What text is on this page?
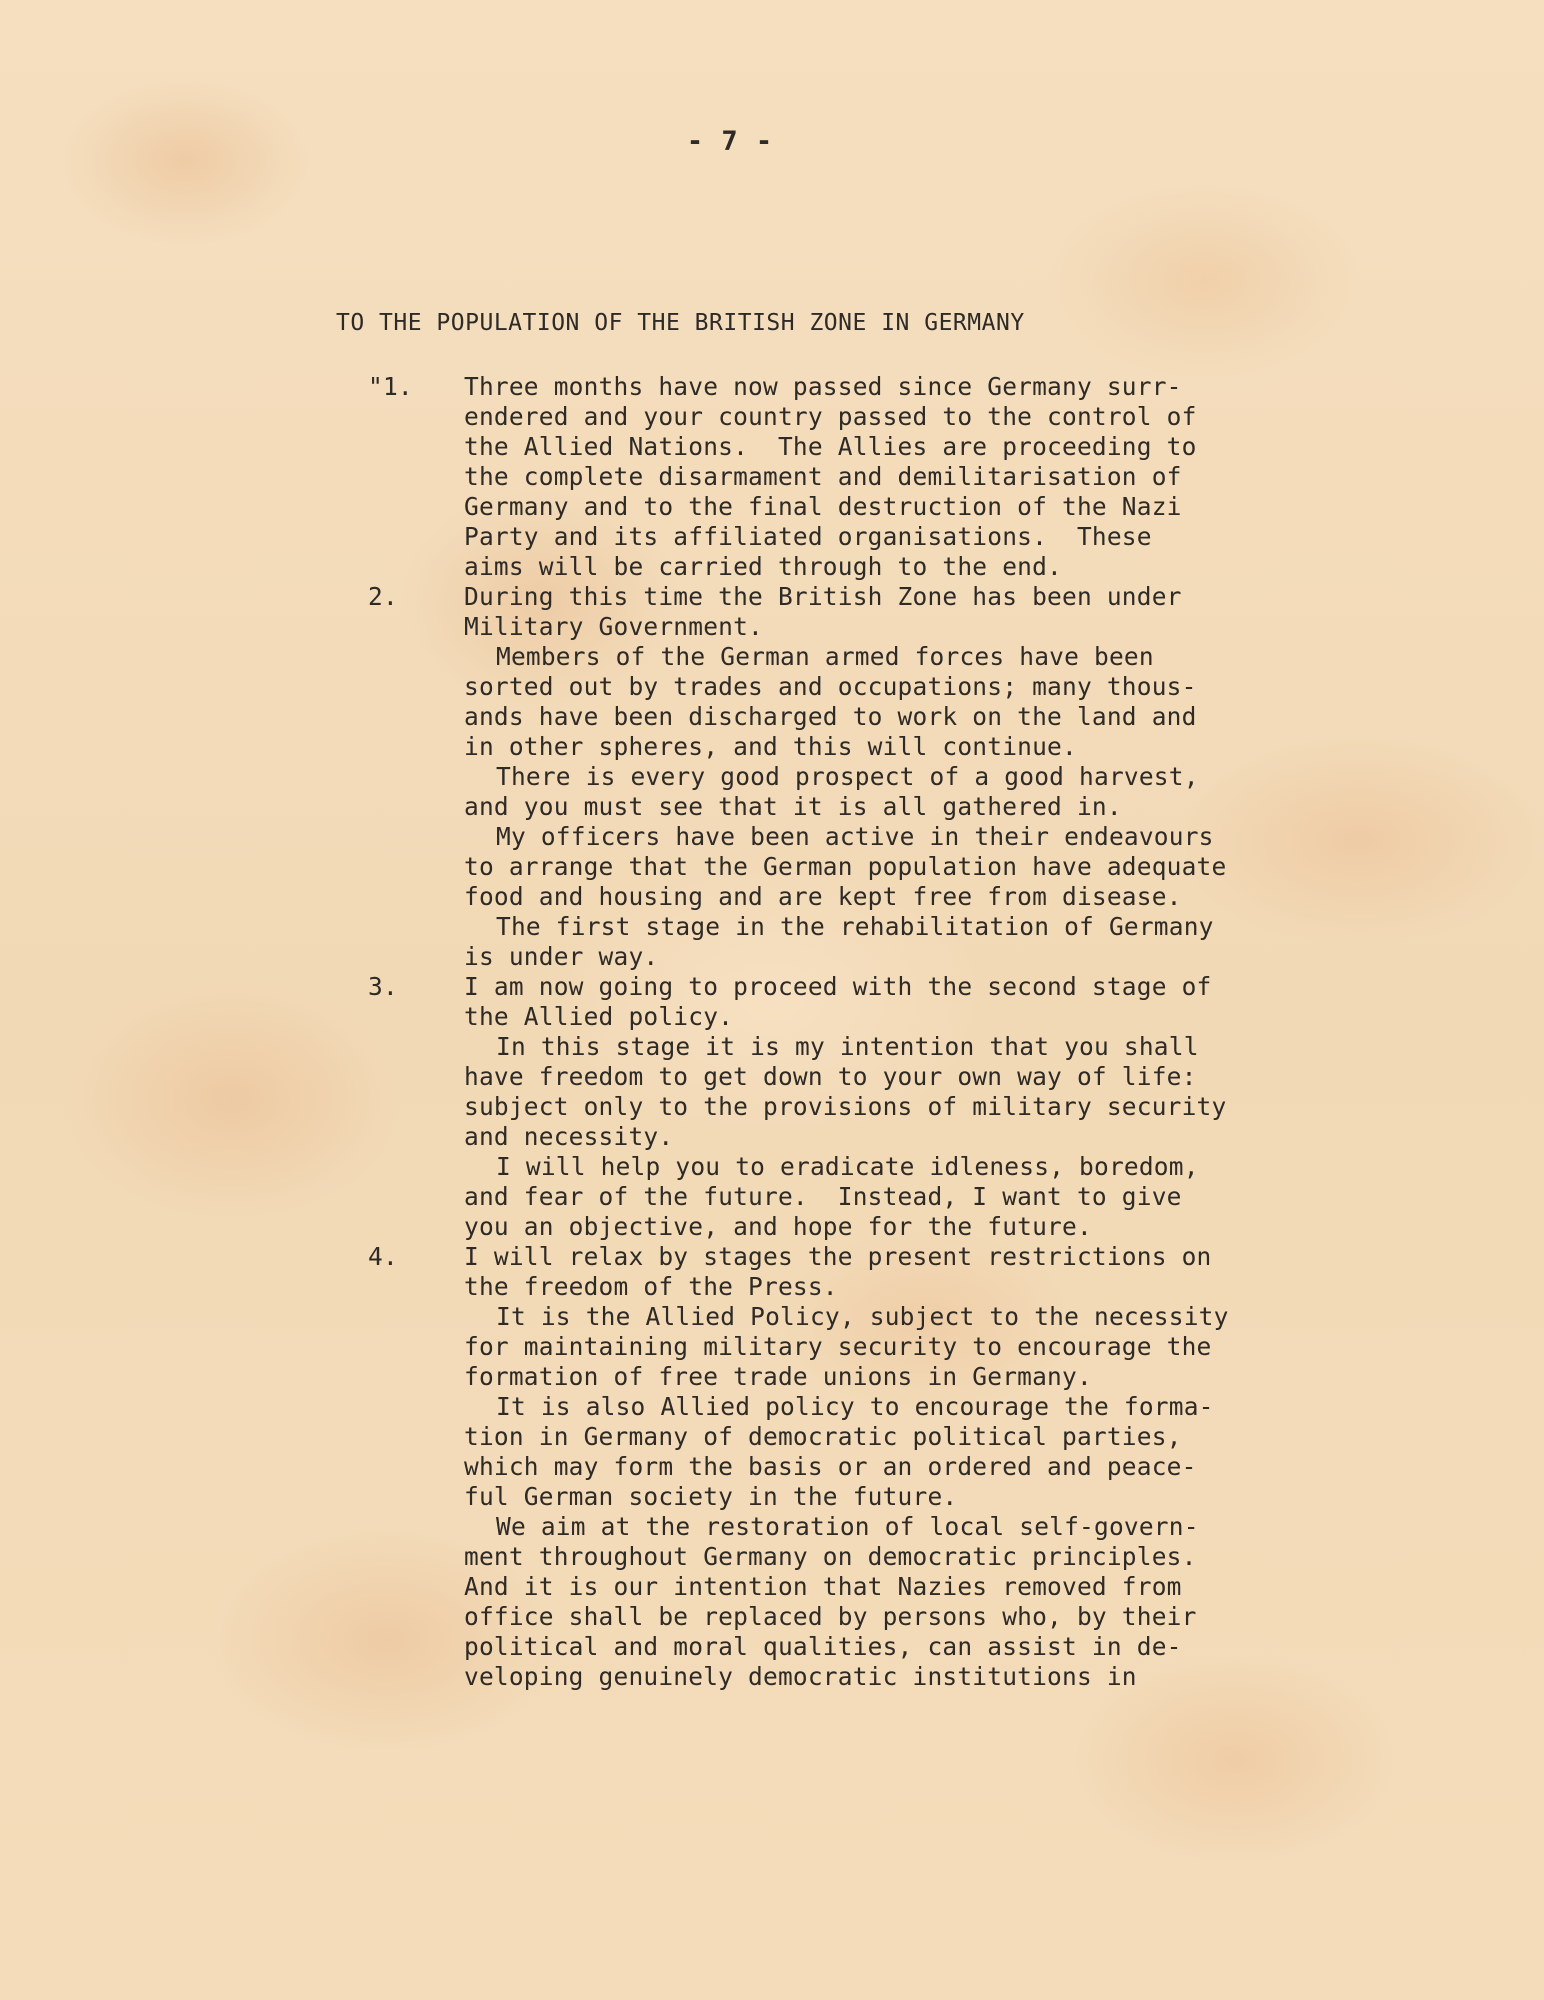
- 7 -
TO THE POPULATION OF THE BRITISH ZONE IN GERMANY
"1. Three months have now passed since Germany surr-
endered and your country passed to the control of
the Allied Nations.  The Allies are proceeding to
the complete disarmament and demilitarisation of
Germany and to the final destruction of the Nazi
Party and its affiliated organisations.  These
aims will be carried through to the end.
2.	During this time the British Zone has been under
Military Government.
Members of the German armed forces have been
sorted out by trades and occupations; many thous-
ands have been discharged to work on the land and
in other spheres, and this will continue.
There is every good prospect of a good harvest,
and you must see that it is all gathered in.
My officers have been active in their endeavours
to arrange that the German population have adequate
food and housing and are kept free from disease.
The first stage in the rehabilitation of Germany
is under way.
3.	I am now going to proceed with the second stage of
the Allied policy.
In this stage it is my intention that you shall
have freedom to get down to your own way of life:
subject only to the provisions of military security
and necessity.
I will help you to eradicate idleness, boredom,
and fear of the future.  Instead, I want to give
you an objective, and hope for the future.
4.	I will relax by stages the present restrictions on
the freedom of the Press.
It is the Allied Policy, subject to the necessity
for maintaining military security to encourage the
formation of free trade unions in Germany.
It is also Allied policy to encourage the forma-
tion in Germany of democratic political parties,
which may form the basis or an ordered and peace-
ful German society in the future.
We aim at the restoration of local self-govern-
ment throughout Germany on democratic principles.
And it is our intention that Nazies removed from
office shall be replaced by persons who, by their
political and moral qualities, can assist in de-
veloping genuinely democratic institutions in
